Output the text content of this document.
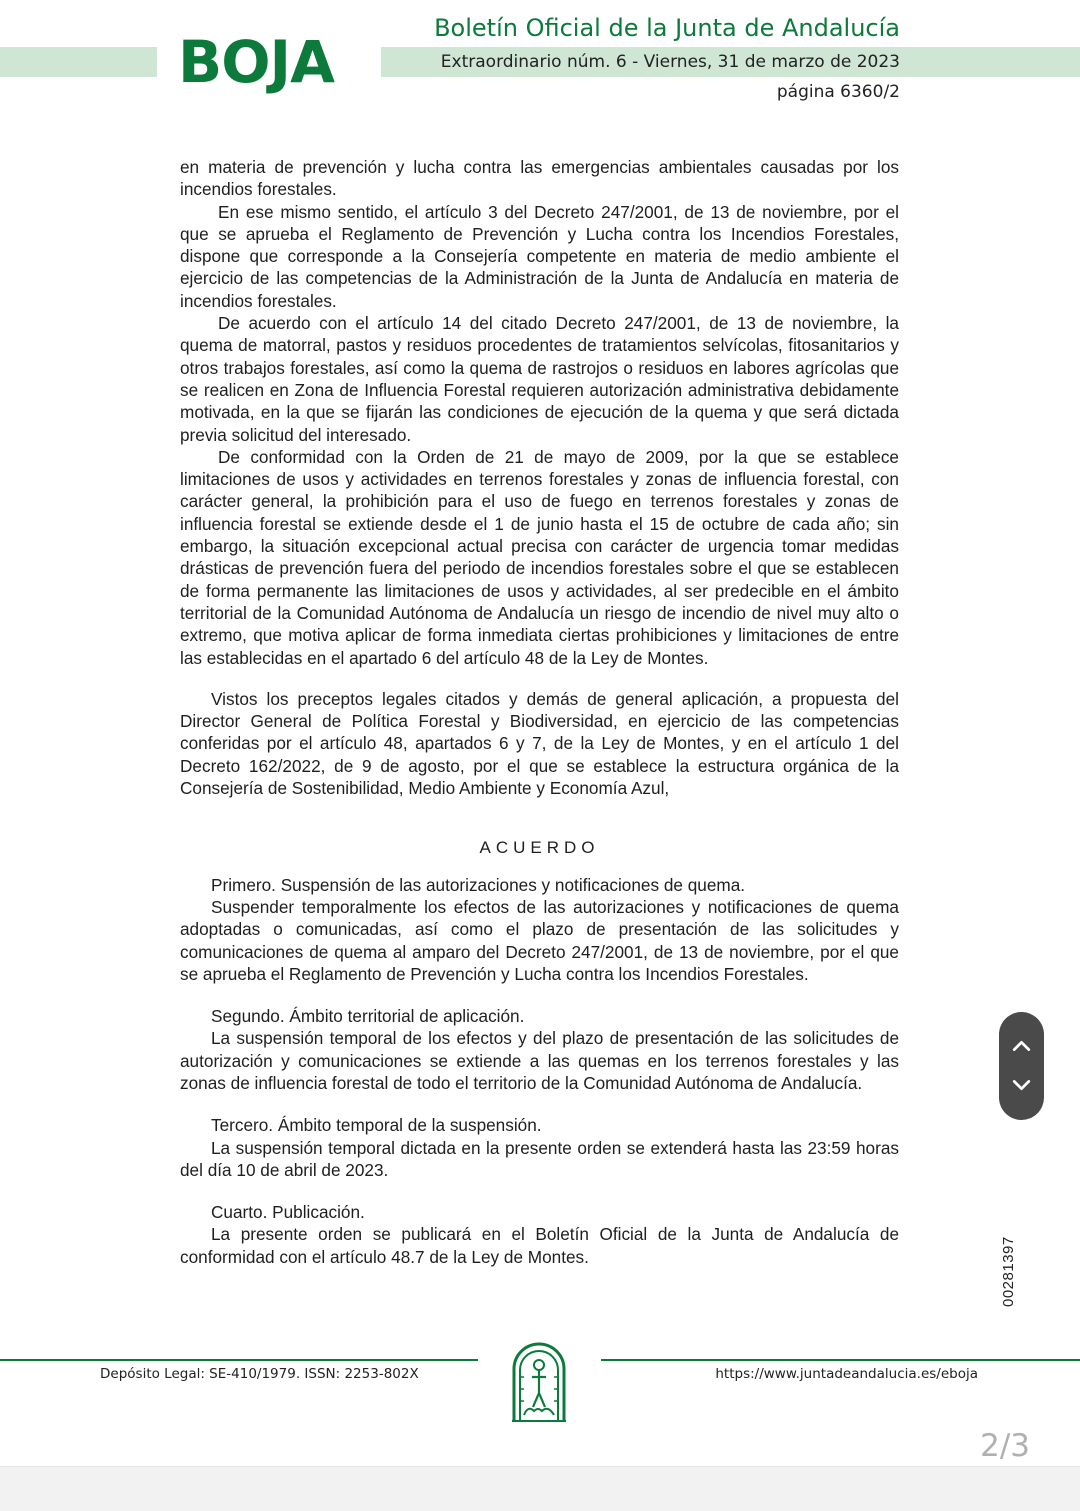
BOJA	Boletín Oficial de la Junta de Andalucía
Extraordinario núm. 6 - Viernes, 31 de marzo de 2023
página 6360/2

en materia de prevención y lucha contra las emergencias ambientales causadas por los incendios forestales.

En ese mismo sentido, el artículo 3 del Decreto 247/2001, de 13 de noviembre, por el que se aprueba el Reglamento de Prevención y Lucha contra los Incendios Forestales, dispone que corresponde a la Consejería competente en materia de medio ambiente el ejercicio de las competencias de la Administración de la Junta de Andalucía en materia de incendios forestales.

De acuerdo con el artículo 14 del citado Decreto 247/2001, de 13 de noviembre, la quema de matorral, pastos y residuos procedentes de tratamientos selvícolas, fitosanitarios y otros trabajos forestales, así como la quema de rastrojos o residuos en labores agrícolas que se realicen en Zona de Influencia Forestal requieren autorización administrativa debidamente motivada, en la que se fijarán las condiciones de ejecución de la quema y que será dictada previa solicitud del interesado.

De conformidad con la Orden de 21 de mayo de 2009, por la que se establece limitaciones de usos y actividades en terrenos forestales y zonas de influencia forestal, con carácter general, la prohibición para el uso de fuego en terrenos forestales y zonas de influencia forestal se extiende desde el 1 de junio hasta el 15 de octubre de cada año; sin embargo, la situación excepcional actual precisa con carácter de urgencia tomar medidas drásticas de prevención fuera del periodo de incendios forestales sobre el que se establecen de forma permanente las limitaciones de usos y actividades, al ser predecible en el ámbito territorial de la Comunidad Autónoma de Andalucía un riesgo de incendio de nivel muy alto o extremo, que motiva aplicar de forma inmediata ciertas prohibiciones y limitaciones de entre las establecidas en el apartado 6 del artículo 48 de la Ley de Montes.

Vistos los preceptos legales citados y demás de general aplicación, a propuesta del Director General de Política Forestal y Biodiversidad, en ejercicio de las competencias conferidas por el artículo 48, apartados 6 y 7, de la Ley de Montes, y en el artículo 1 del Decreto 162/2022, de 9 de agosto, por el que se establece la estructura orgánica de la Consejería de Sostenibilidad, Medio Ambiente y Economía Azul,

ACUERDO

Primero. Suspensión de las autorizaciones y notificaciones de quema.

Suspender temporalmente los efectos de las autorizaciones y notificaciones de quema adoptadas o comunicadas, así como el plazo de presentación de las solicitudes y comunicaciones de quema al amparo del Decreto 247/2001, de 13 de noviembre, por el que se aprueba el Reglamento de Prevención y Lucha contra los Incendios Forestales.

Segundo. Ámbito territorial de aplicación.

La suspensión temporal de los efectos y del plazo de presentación de las solicitudes de autorización y comunicaciones se extiende a las quemas en los terrenos forestales y las zonas de influencia forestal de todo el territorio de la Comunidad Autónoma de Andalucía.

Tercero. Ámbito temporal de la suspensión.

La suspensión temporal dictada en la presente orden se extenderá hasta las 23:59 horas del día 10 de abril de 2023.

Cuarto. Publicación.

La presente orden se publicará en el Boletín Oficial de la Junta de Andalucía de conformidad con el artículo 48.7 de la Ley de Montes.	00281397
Depósito Legal: SE-410/1979. ISSN: 2253-802X	https://www.juntadeandalucia.es/eboja
2/3
